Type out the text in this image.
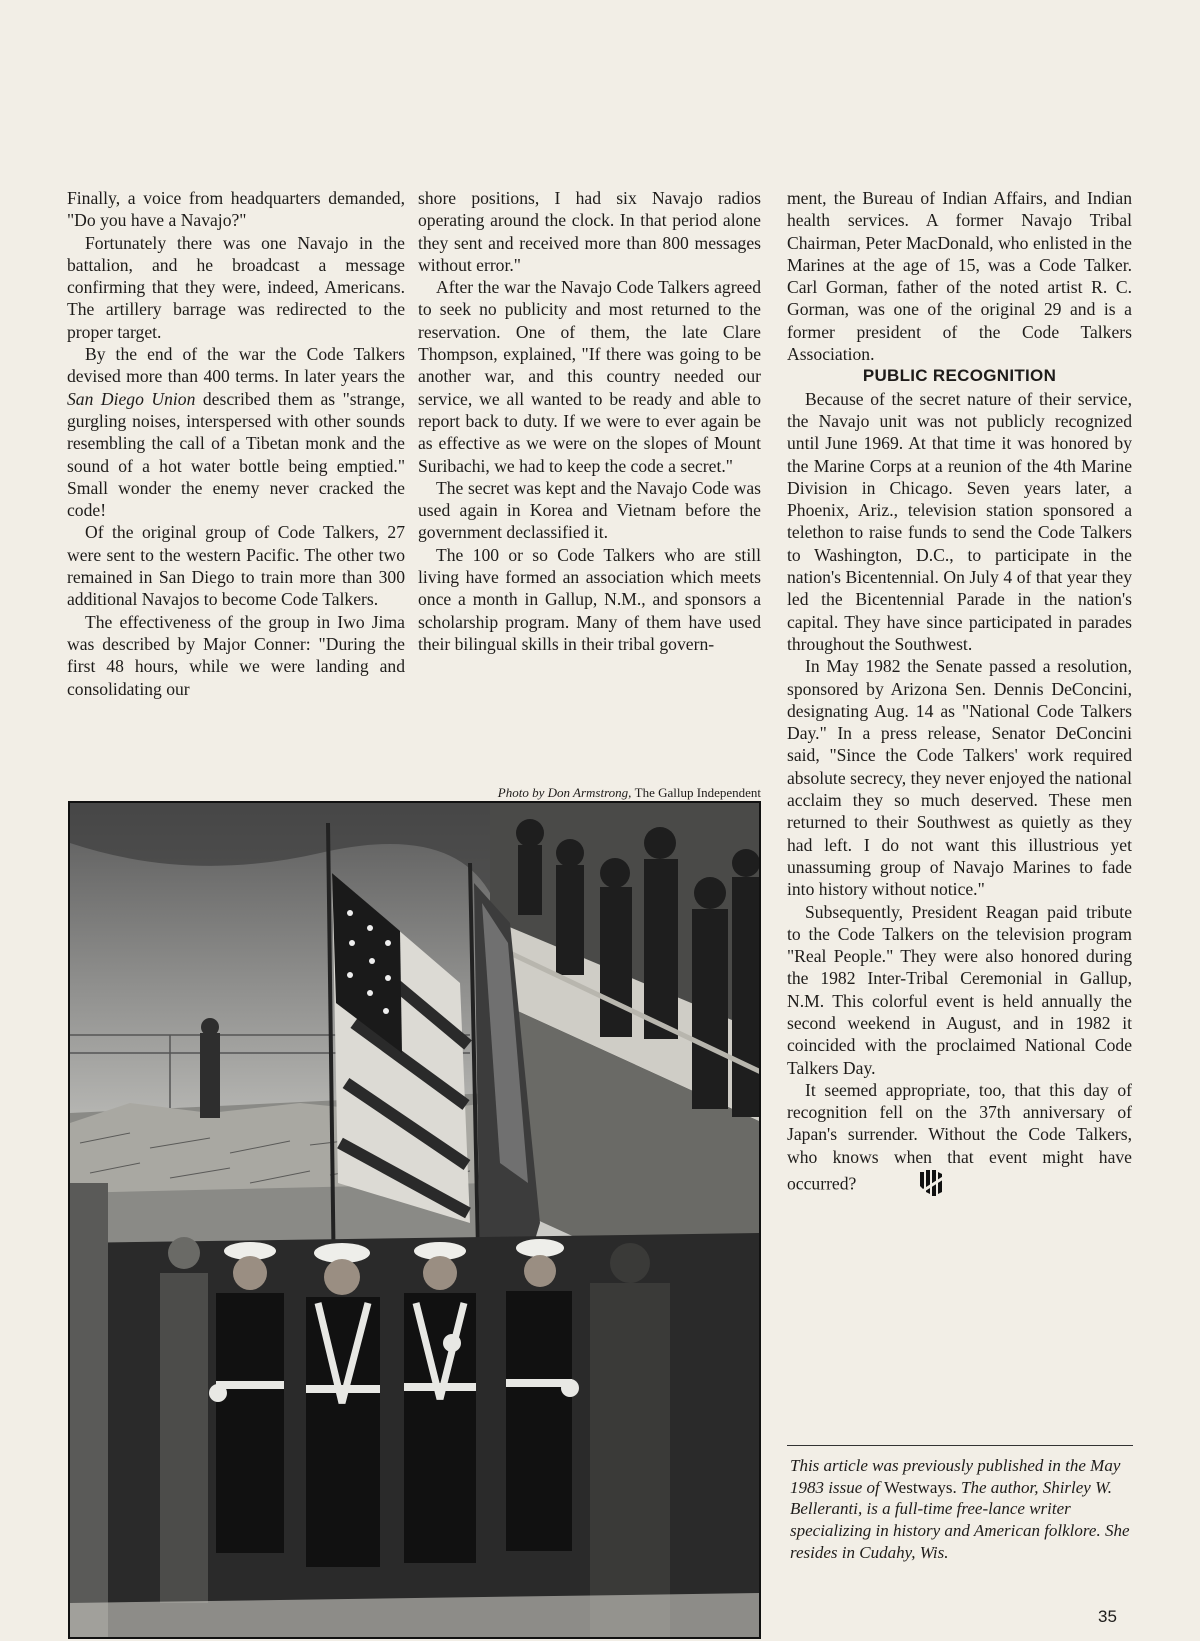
Finally, a voice from headquarters demanded, "Do you have a Navajo?"

Fortunately there was one Navajo in the battalion, and he broadcast a message confirming that they were, indeed, Americans. The artillery barrage was redirected to the proper target.

By the end of the war the Code Talkers devised more than 400 terms. In later years the San Diego Union described them as "strange, gurgling noises, interspersed with other sounds resembling the call of a Tibetan monk and the sound of a hot water bottle being emptied." Small wonder the enemy never cracked the code!

Of the original group of Code Talkers, 27 were sent to the western Pacific. The other two remained in San Diego to train more than 300 additional Navajos to become Code Talkers.

The effectiveness of the group in Iwo Jima was described by Major Conner: "During the first 48 hours, while we were landing and consolidating our

shore positions, I had six Navajo radios operating around the clock. In that period alone they sent and received more than 800 messages without error."

After the war the Navajo Code Talkers agreed to seek no publicity and most returned to the reservation. One of them, the late Clare Thompson, explained, "If there was going to be another war, and this country needed our service, we all wanted to be ready and able to report back to duty. If we were to ever again be as effective as we were on the slopes of Mount Suribachi, we had to keep the code a secret."

The secret was kept and the Navajo Code was used again in Korea and Vietnam before the government declassified it.

The 100 or so Code Talkers who are still living have formed an association which meets once a month in Gallup, N.M., and sponsors a scholarship program. Many of them have used their bilingual skills in their tribal govern-

ment, the Bureau of Indian Affairs, and Indian health services. A former Navajo Tribal Chairman, Peter MacDonald, who enlisted in the Marines at the age of 15, was a Code Talker. Carl Gorman, father of the noted artist R. C. Gorman, was one of the original 29 and is a former president of the Code Talkers Association.

PUBLIC RECOGNITION

Because of the secret nature of their service, the Navajo unit was not publicly recognized until June 1969. At that time it was honored by the Marine Corps at a reunion of the 4th Marine Division in Chicago. Seven years later, a Phoenix, Ariz., television station sponsored a telethon to raise funds to send the Code Talkers to Washington, D.C., to participate in the nation's Bicentennial. On July 4 of that year they led the Bicentennial Parade in the nation's capital. They have since participated in parades throughout the Southwest.

In May 1982 the Senate passed a resolution, sponsored by Arizona Sen. Dennis DeConcini, designating Aug. 14 as "National Code Talkers Day." In a press release, Senator DeConcini said, "Since the Code Talkers' work required absolute secrecy, they never enjoyed the national acclaim they so much deserved. These men returned to their Southwest as quietly as they had left. I do not want this illustrious yet unassuming group of Navajo Marines to fade into history without notice."

Subsequently, President Reagan paid tribute to the Code Talkers on the television program "Real People." They were also honored during the 1982 Inter-Tribal Ceremonial in Gallup, N.M. This colorful event is held annually the second weekend in August, and in 1982 it coincided with the proclaimed National Code Talkers Day.

It seemed appropriate, too, that this day of recognition fell on the 37th anniversary of Japan's surrender. Without the Code Talkers, who knows when that event might have occurred?

Photo by Don Armstrong, The Gallup Independent
This article was previously published in the May 1983 issue of Westways. The author, Shirley W. Belleranti, is a full-time free-lance writer specializing in history and American folklore. She resides in Cudahy, Wis.
35
